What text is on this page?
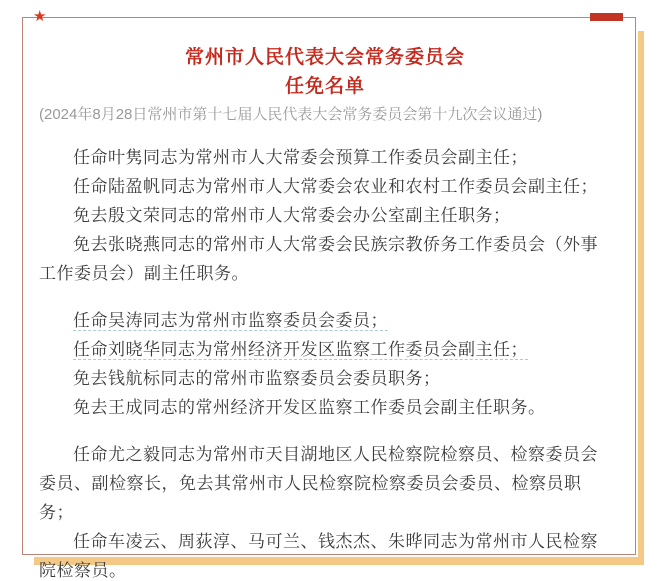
★
常州市人民代表大会常务委员会
任免名单
(2024年8月28日常州市第十七届人民代表大会常务委员会第十九次会议通过)

任命叶隽同志为常州市人大常委会预算工作委员会副主任；

任命陆盈帆同志为常州市人大常委会农业和农村工作委员会副主任；

免去殷文荣同志的常州市人大常委会办公室副主任职务；

免去张晓燕同志的常州市人大常委会民族宗教侨务工作委员会（外事工作委员会）副主任职务。

任命吴涛同志为常州市监察委员会委员；

任命刘晓华同志为常州经济开发区监察工作委员会副主任；

免去钱航标同志的常州市监察委员会委员职务；

免去王成同志的常州经济开发区监察工作委员会副主任职务。

任命尤之毅同志为常州市天目湖地区人民检察院检察员、检察委员会委员、副检察长，免去其常州市人民检察院检察委员会委员、检察员职务；

任命车凌云、周荻淳、马可兰、钱杰杰、朱晔同志为常州市人民检察院检察员。
